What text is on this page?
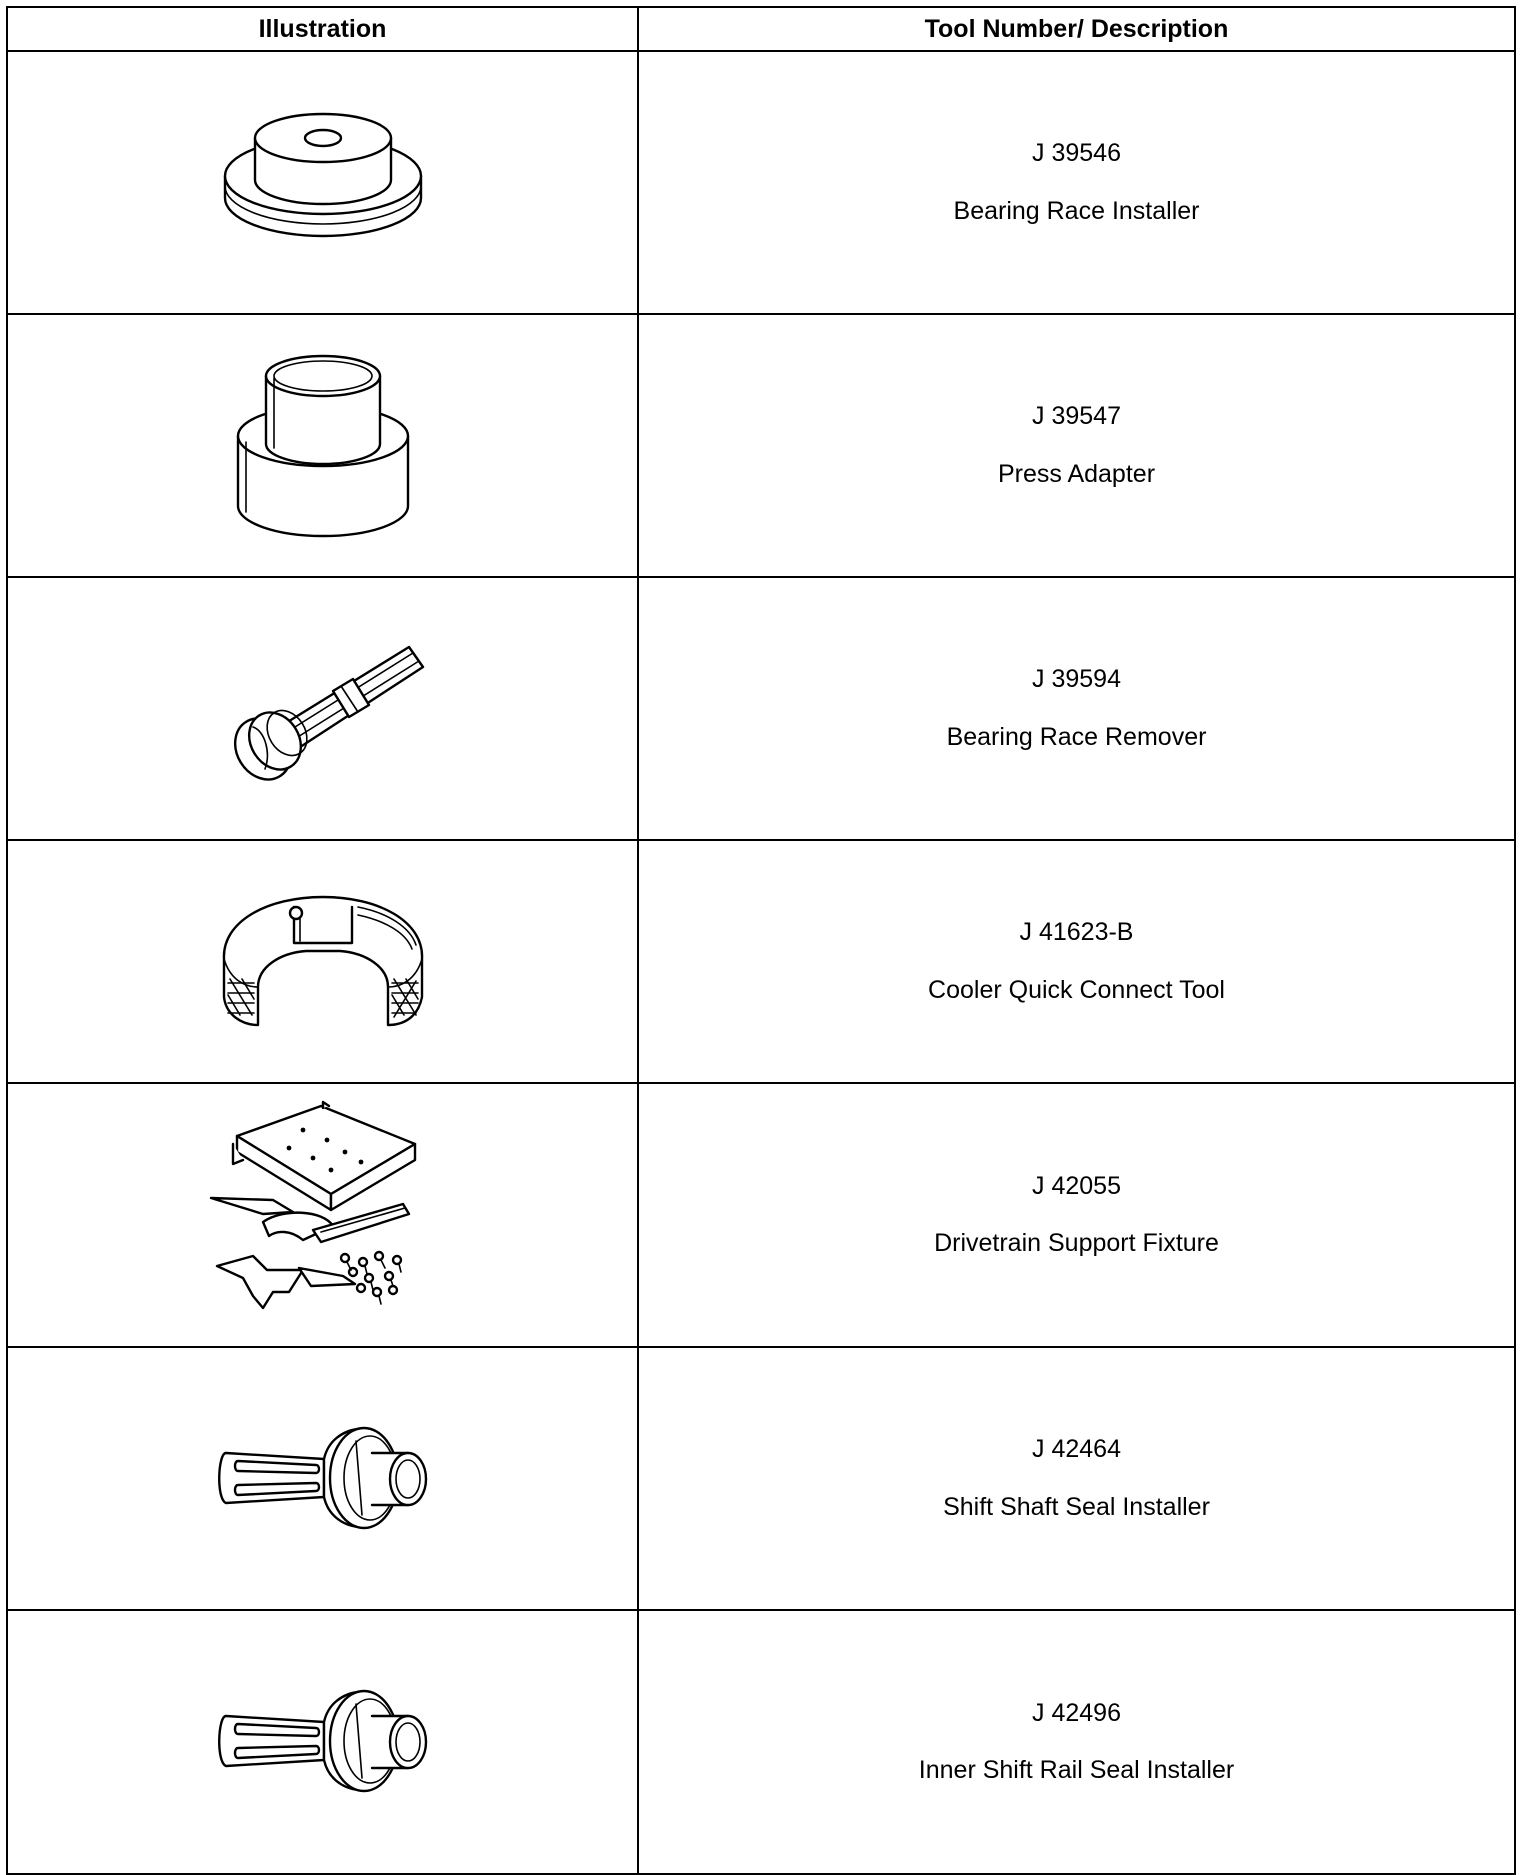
Illustration	Tool Number/ Description

J 39546
Bearing Race Installer

J 39547
Press Adapter

J 39594
Bearing Race Remover

J 41623-B
Cooler Quick Connect Tool

J 42055
Drivetrain Support Fixture

J 42464
Shift Shaft Seal Installer

J 42496
Inner Shift Rail Seal Installer
